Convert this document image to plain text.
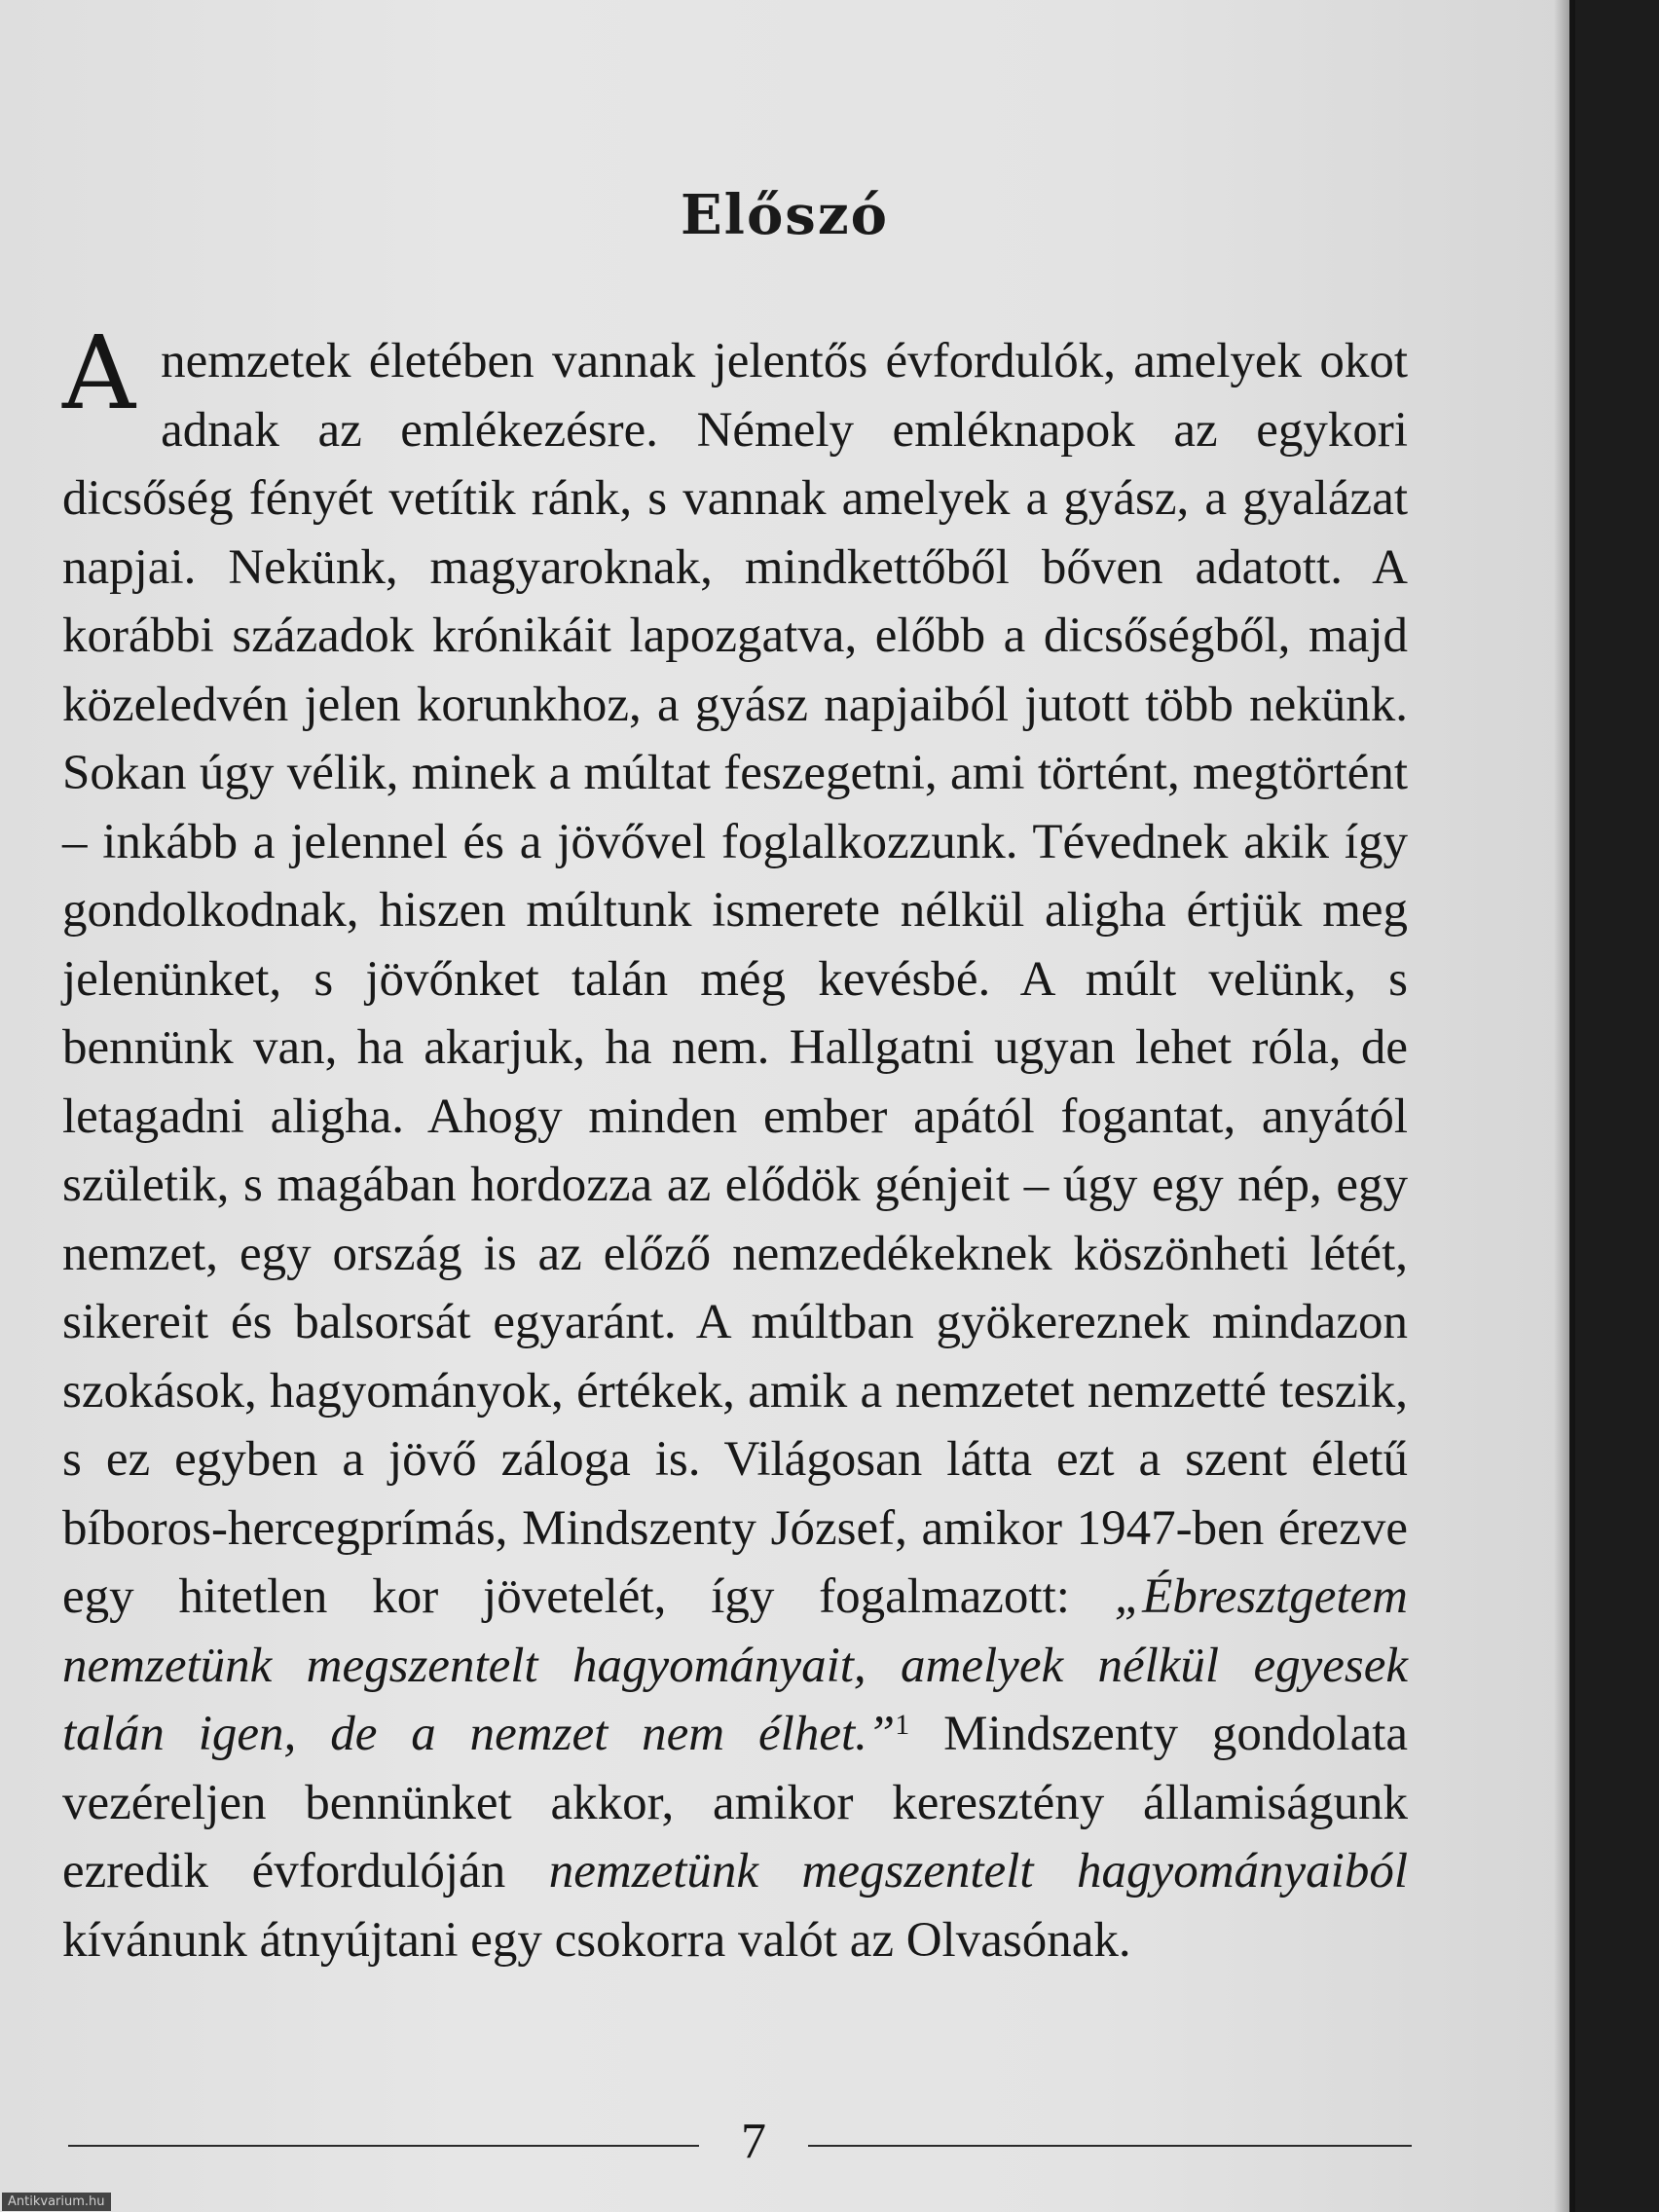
Előszó

Anemzetek életében vannak jelentős évfordulók, amelyek okot adnak az emlékezésre. Némely emléknapok az egykori dicsőség fényét vetítik ránk, s vannak amelyek a gyász, a gyalázat napjai. Nekünk, magyaroknak, mindkettőből bőven adatott. A korábbi századok krónikáit lapozgatva, előbb a dicsőségből, majd közeledvén jelen korunkhoz, a gyász napjaiból jutott több nekünk. Sokan úgy vélik, minek a múltat feszegetni, ami történt, megtörtént – inkább a jelennel és a jövővel foglalkozzunk. Tévednek akik így gondolkodnak, hiszen múltunk ismerete nélkül aligha értjük meg jelenünket, s jövőnket talán még kevésbé. A múlt velünk, s bennünk van, ha akarjuk, ha nem. Hallgatni ugyan lehet róla, de letagadni aligha. Ahogy minden ember apától fogantat, anyától születik, s magában hordozza az elődök génjeit – úgy egy nép, egy nemzet, egy ország is az előző nemzedékeknek köszönheti létét, sikereit és balsorsát egyaránt. A múltban gyökereznek mindazon szokások, hagyományok, értékek, amik a nemzetet nemzetté teszik, s ez egyben a jövő záloga is. Világosan látta ezt a szent életű bíboros-hercegprímás, Mindszenty József, amikor 1947-ben érezve egy hitetlen kor jövetelét, így fogalmazott: „Ébresztgetem nemzetünk megszentelt hagyományait, amelyek nélkül egyesek talán igen, de a nemzet nem élhet.”$^1$ Mindszenty gondolata vezéreljen bennünket akkor, amikor keresztény államiságunk ezredik évfordulóján nemzetünk megszentelt hagyományaiból kívánunk átnyújtani egy csokorra valót az Olvasónak.

7

Antikvarium.hu
